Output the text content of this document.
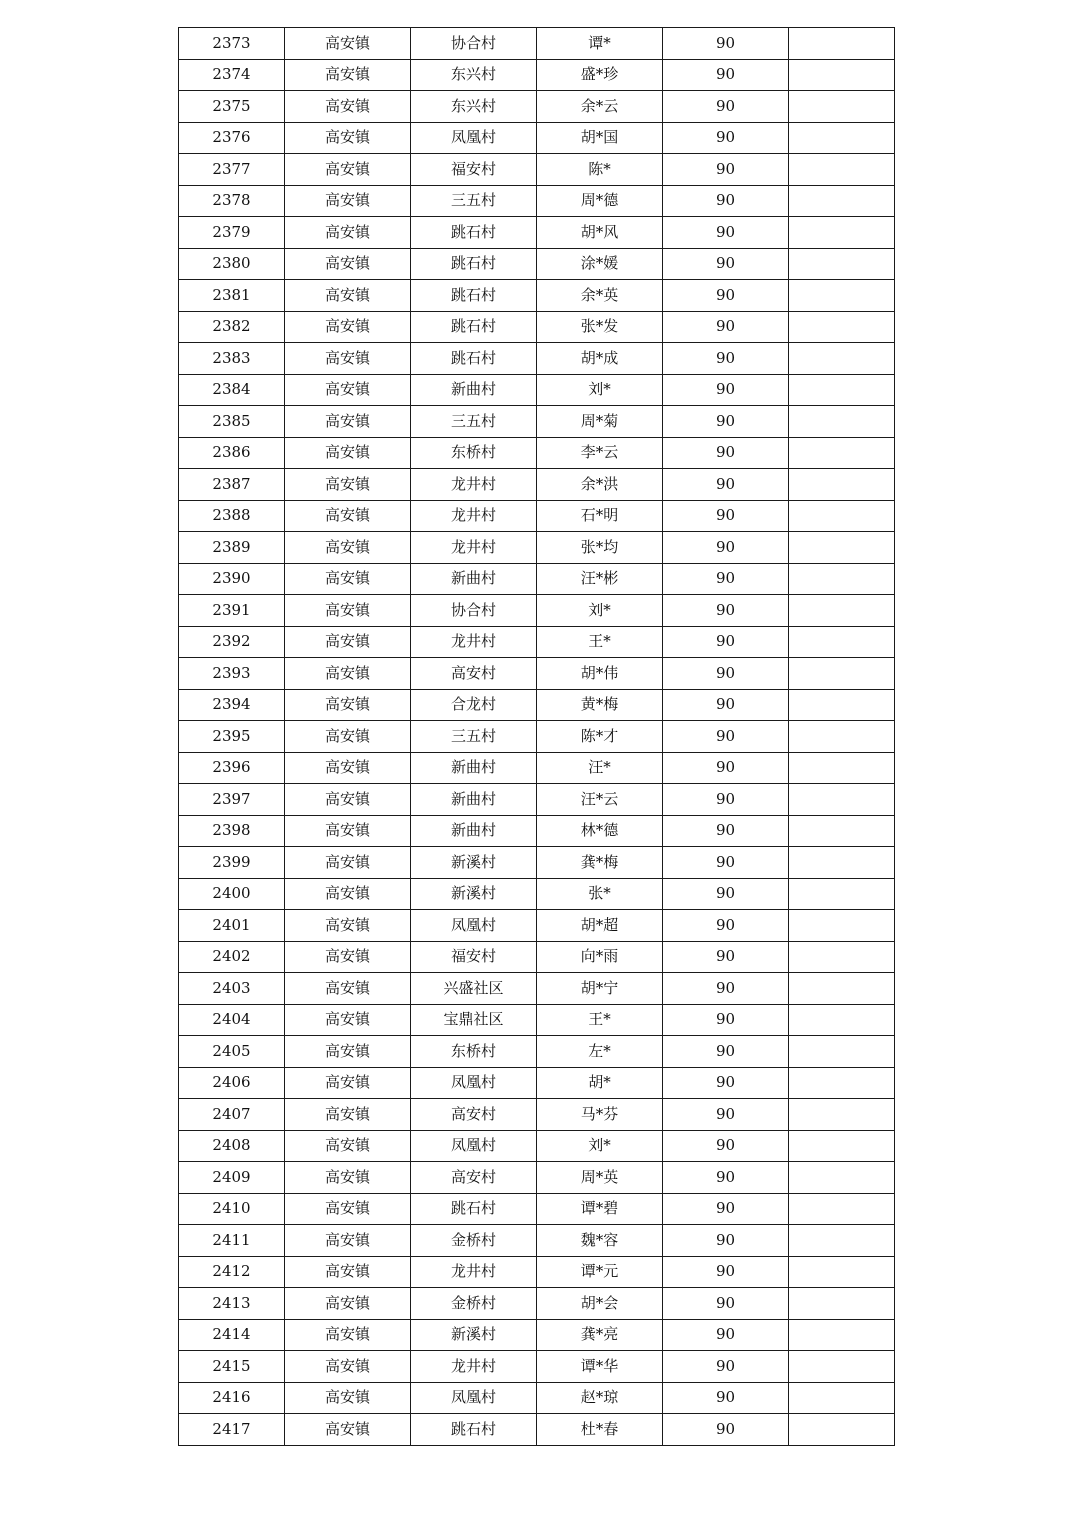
2373	高安镇	协合村	谭*	90	
2374	高安镇	东兴村	盛*珍	90	
2375	高安镇	东兴村	余*云	90	
2376	高安镇	凤凰村	胡*国	90	
2377	高安镇	福安村	陈*	90	
2378	高安镇	三五村	周*德	90	
2379	高安镇	跳石村	胡*风	90	
2380	高安镇	跳石村	涂*媛	90	
2381	高安镇	跳石村	余*英	90	
2382	高安镇	跳石村	张*发	90	
2383	高安镇	跳石村	胡*成	90	
2384	高安镇	新曲村	刘*	90	
2385	高安镇	三五村	周*菊	90	
2386	高安镇	东桥村	李*云	90	
2387	高安镇	龙井村	余*洪	90	
2388	高安镇	龙井村	石*明	90	
2389	高安镇	龙井村	张*均	90	
2390	高安镇	新曲村	汪*彬	90	
2391	高安镇	协合村	刘*	90	
2392	高安镇	龙井村	王*	90	
2393	高安镇	高安村	胡*伟	90	
2394	高安镇	合龙村	黄*梅	90	
2395	高安镇	三五村	陈*才	90	
2396	高安镇	新曲村	汪*	90	
2397	高安镇	新曲村	汪*云	90	
2398	高安镇	新曲村	林*德	90	
2399	高安镇	新溪村	龚*梅	90	
2400	高安镇	新溪村	张*	90	
2401	高安镇	凤凰村	胡*超	90	
2402	高安镇	福安村	向*雨	90	
2403	高安镇	兴盛社区	胡*宁	90	
2404	高安镇	宝鼎社区	王*	90	
2405	高安镇	东桥村	左*	90	
2406	高安镇	凤凰村	胡*	90	
2407	高安镇	高安村	马*芬	90	
2408	高安镇	凤凰村	刘*	90	
2409	高安镇	高安村	周*英	90	
2410	高安镇	跳石村	谭*碧	90	
2411	高安镇	金桥村	魏*容	90	
2412	高安镇	龙井村	谭*元	90	
2413	高安镇	金桥村	胡*会	90	
2414	高安镇	新溪村	龚*亮	90	
2415	高安镇	龙井村	谭*华	90	
2416	高安镇	凤凰村	赵*琼	90	
2417	高安镇	跳石村	杜*春	90	
